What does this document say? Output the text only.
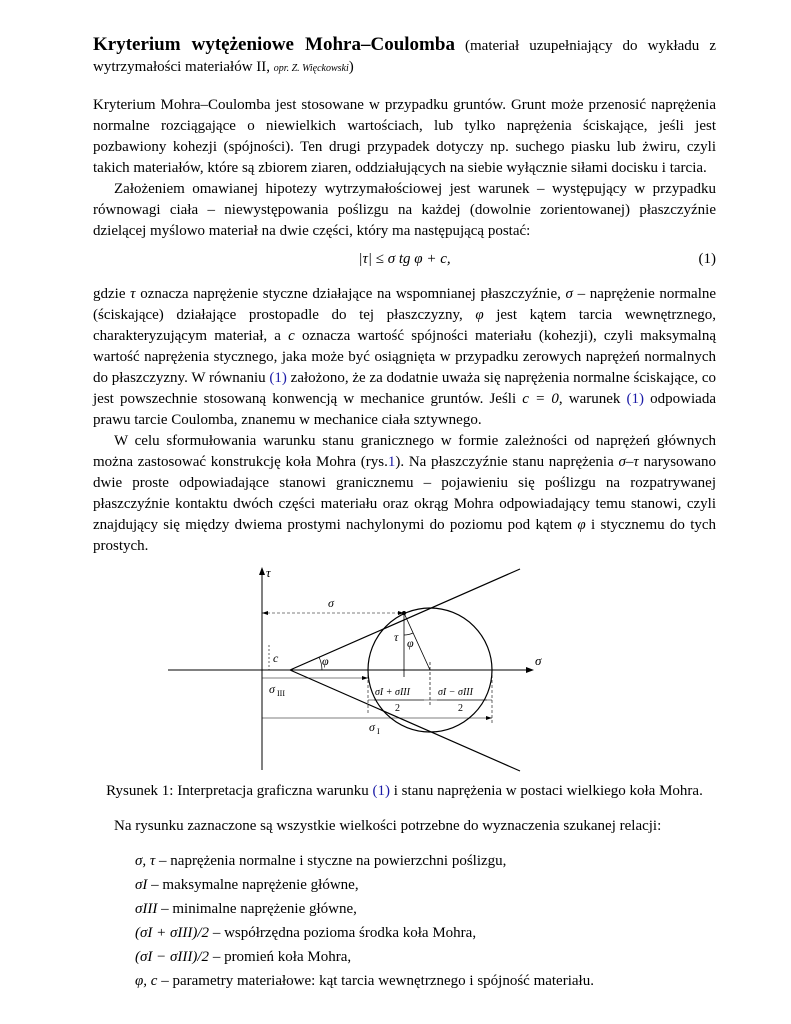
Kryterium wytężeniowe Mohra–Coulomba (materiał uzupełniający do wykładu z wytrzymałości materiałów II, opr. Z. Więckowski)

Kryterium Mohra–Coulomba jest stosowane w przypadku gruntów. Grunt może przenosić naprężenia normalne rozciągające o niewielkich wartościach, lub tylko naprężenia ściskające, jeśli jest pozbawiony kohezji (spójności). Ten drugi przypadek dotyczy np. suchego piasku lub żwiru, czyli takich materiałów, które są zbiorem ziaren, oddziałujących na siebie wyłącznie siłami docisku i tarcia.

Założeniem omawianej hipotezy wytrzymałościowej jest warunek – występujący w przypadku równowagi ciała – niewystępowania poślizgu na każdej (dowolnie zorientowanej) płaszczyźnie dzielącej myślowo materiał na dwie części, który ma następującą postać:

|τ| ≤ σ tg φ + c,	(1)

gdzie τ oznacza naprężenie styczne działające na wspomnianej płaszczyźnie, σ – naprężenie normalne (ściskające) działające prostopadle do tej płaszczyzny, φ jest kątem tarcia wewnętrznego, charakteryzującym materiał, a c oznacza wartość spójności materiału (kohezji), czyli maksymalną wartość naprężenia stycznego, jaka może być osiągnięta w przypadku zerowych naprężeń normalnych do płaszczyzny. W równaniu (1) założono, że za dodatnie uważa się naprężenia normalne ściskające, co jest powszechnie stosowaną konwencją w mechanice gruntów. Jeśli c = 0, warunek (1) odpowiada prawu tarcie Coulomba, znanemu w mechanice ciała sztywnego.

W celu sformułowania warunku stanu granicznego w formie zależności od naprężeń głównych można zastosować konstrukcję koła Mohra (rys.1). Na płaszczyźnie stanu naprężenia σ–τ narysowano dwie proste odpowiadające stanowi granicznemu – pojawieniu się poślizgu na rozpatrywanej płaszczyźnie kontaktu dwóch części materiału oraz okrąg Mohra odpowiadający temu stanowi, czyli znajdujący się między dwiema prostymi nachylonymi do poziomu pod kątem φ i stycznemu do tych prostych.

τ
σ
σ
τ
φ
φ
c
σ III	σI + σIII
2
σI − σIII
2
σ I
Rysunek 1: Interpretacja graficzna warunku (1) i stanu naprężenia w postaci wielkiego koła Mohra.

Na rysunku zaznaczone są wszystkie wielkości potrzebne do wyznaczenia szukanej relacji:

σ, τ – naprężenia normalne i styczne na powierzchni poślizgu,
σI – maksymalne naprężenie główne,
σIII – minimalne naprężenie główne,
(σI + σIII)/2 – współrzędna pozioma środka koła Mohra,
(σI − σIII)/2 – promień koła Mohra,
φ, c – parametry materiałowe: kąt tarcia wewnętrznego i spójność materiału.
